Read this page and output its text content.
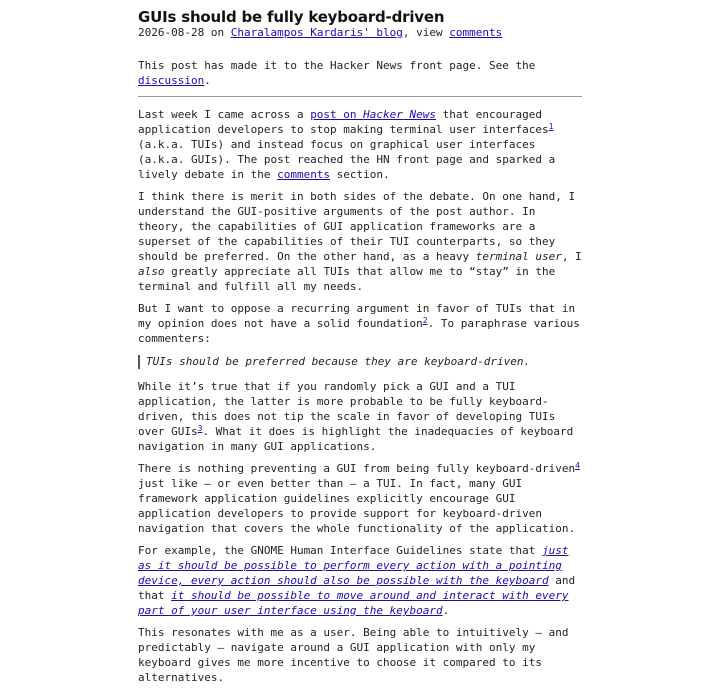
GUIs should be fully keyboard-driven
2026-08-28 on Charalampos Kardaris' blog, view comments

This post has made it to the Hacker News front page. See the discussion.

Last week I came across a post on Hacker News that encouraged application developers to stop making terminal user interfaces$^1$ (a.k.a. TUIs) and instead focus on graphical user interfaces (a.k.a. GUIs). The post reached the HN front page and sparked a lively debate in the comments section.

I think there is merit in both sides of the debate. On one hand, I understand the GUI-positive arguments of the post author. In theory, the capabilities of GUI application frameworks are a superset of the capabilities of their TUI counterparts, so they should be preferred. On the other hand, as a heavy terminal user, I also greatly appreciate all TUIs that allow me to “stay” in the terminal and fulfill all my needs.

But I want to oppose a recurring argument in favor of TUIs that in my opinion does not have a solid foundation$^2$. To paraphrase various commenters:

TUIs should be preferred because they are keyboard-driven.

While it’s true that if you randomly pick a GUI and a TUI application, the latter is more probable to be fully keyboard-driven, this does not tip the scale in favor of developing TUIs over GUIs$^3$. What it does is highlight the inadequacies of keyboard navigation in many GUI applications.

There is nothing preventing a GUI from being fully keyboard-driven$^4$ just like — or even better than — a TUI. In fact, many GUI framework application guidelines explicitly encourage GUI application developers to provide support for keyboard-driven navigation that covers the whole functionality of the application.

For example, the GNOME Human Interface Guidelines state that just as it should be possible to perform every action with a pointing device, every action should also be possible with the keyboard and that it should be possible to move around and interact with every part of your user interface using the keyboard.

This resonates with me as a user. Being able to intuitively — and predictably — navigate around a GUI application with only my keyboard gives me more incentive to choose it compared to its alternatives.
